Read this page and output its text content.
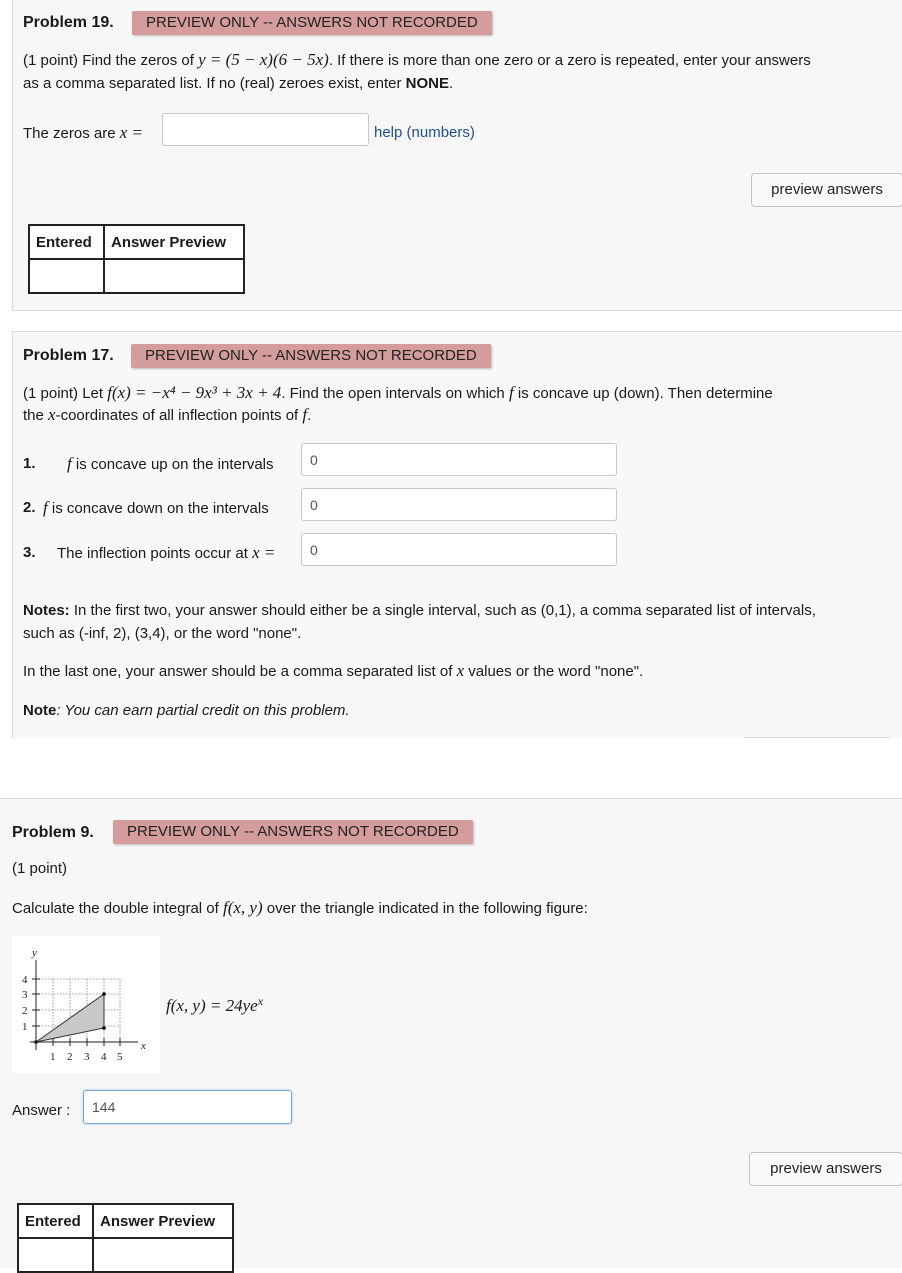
Problem 19.	PREVIEW ONLY -- ANSWERS NOT RECORDED
(1 point) Find the zeros of y = (5 − x)(6 − 5x). If there is more than one zero or a zero is repeated, enter your answers
as a comma separated list. If no (real) zeroes exist, enter NONE.
The zeros are x =	help (numbers)
preview answers
Entered	Answer Preview

Problem 17.	PREVIEW ONLY -- ANSWERS NOT RECORDED
(1 point) Let f(x) = −x⁴ − 9x³ + 3x + 4. Find the open intervals on which f is concave up (down). Then determine
the x-coordinates of all inflection points of f.
1. f is concave up on the intervals
0
2. f is concave down on the intervals
0
3. The inflection points occur at x =
0
Notes: In the first two, your answer should either be a single interval, such as (0,1), a comma separated list of intervals,
such as (-inf, 2), (3,4), or the word "none".
In the last one, your answer should be a comma separated list of x values or the word "none".
Note: You can earn partial credit on this problem.
Problem 9.	PREVIEW ONLY -- ANSWERS NOT RECORDED
(1 point)
Calculate the double integral of f(x, y) over the triangle indicated in the following figure:
y
x
4
3
2
1
1 2 3 4 5
f(x, $y) = 24ye^x$
Answer :
144
preview answers
Entered	Answer Preview
